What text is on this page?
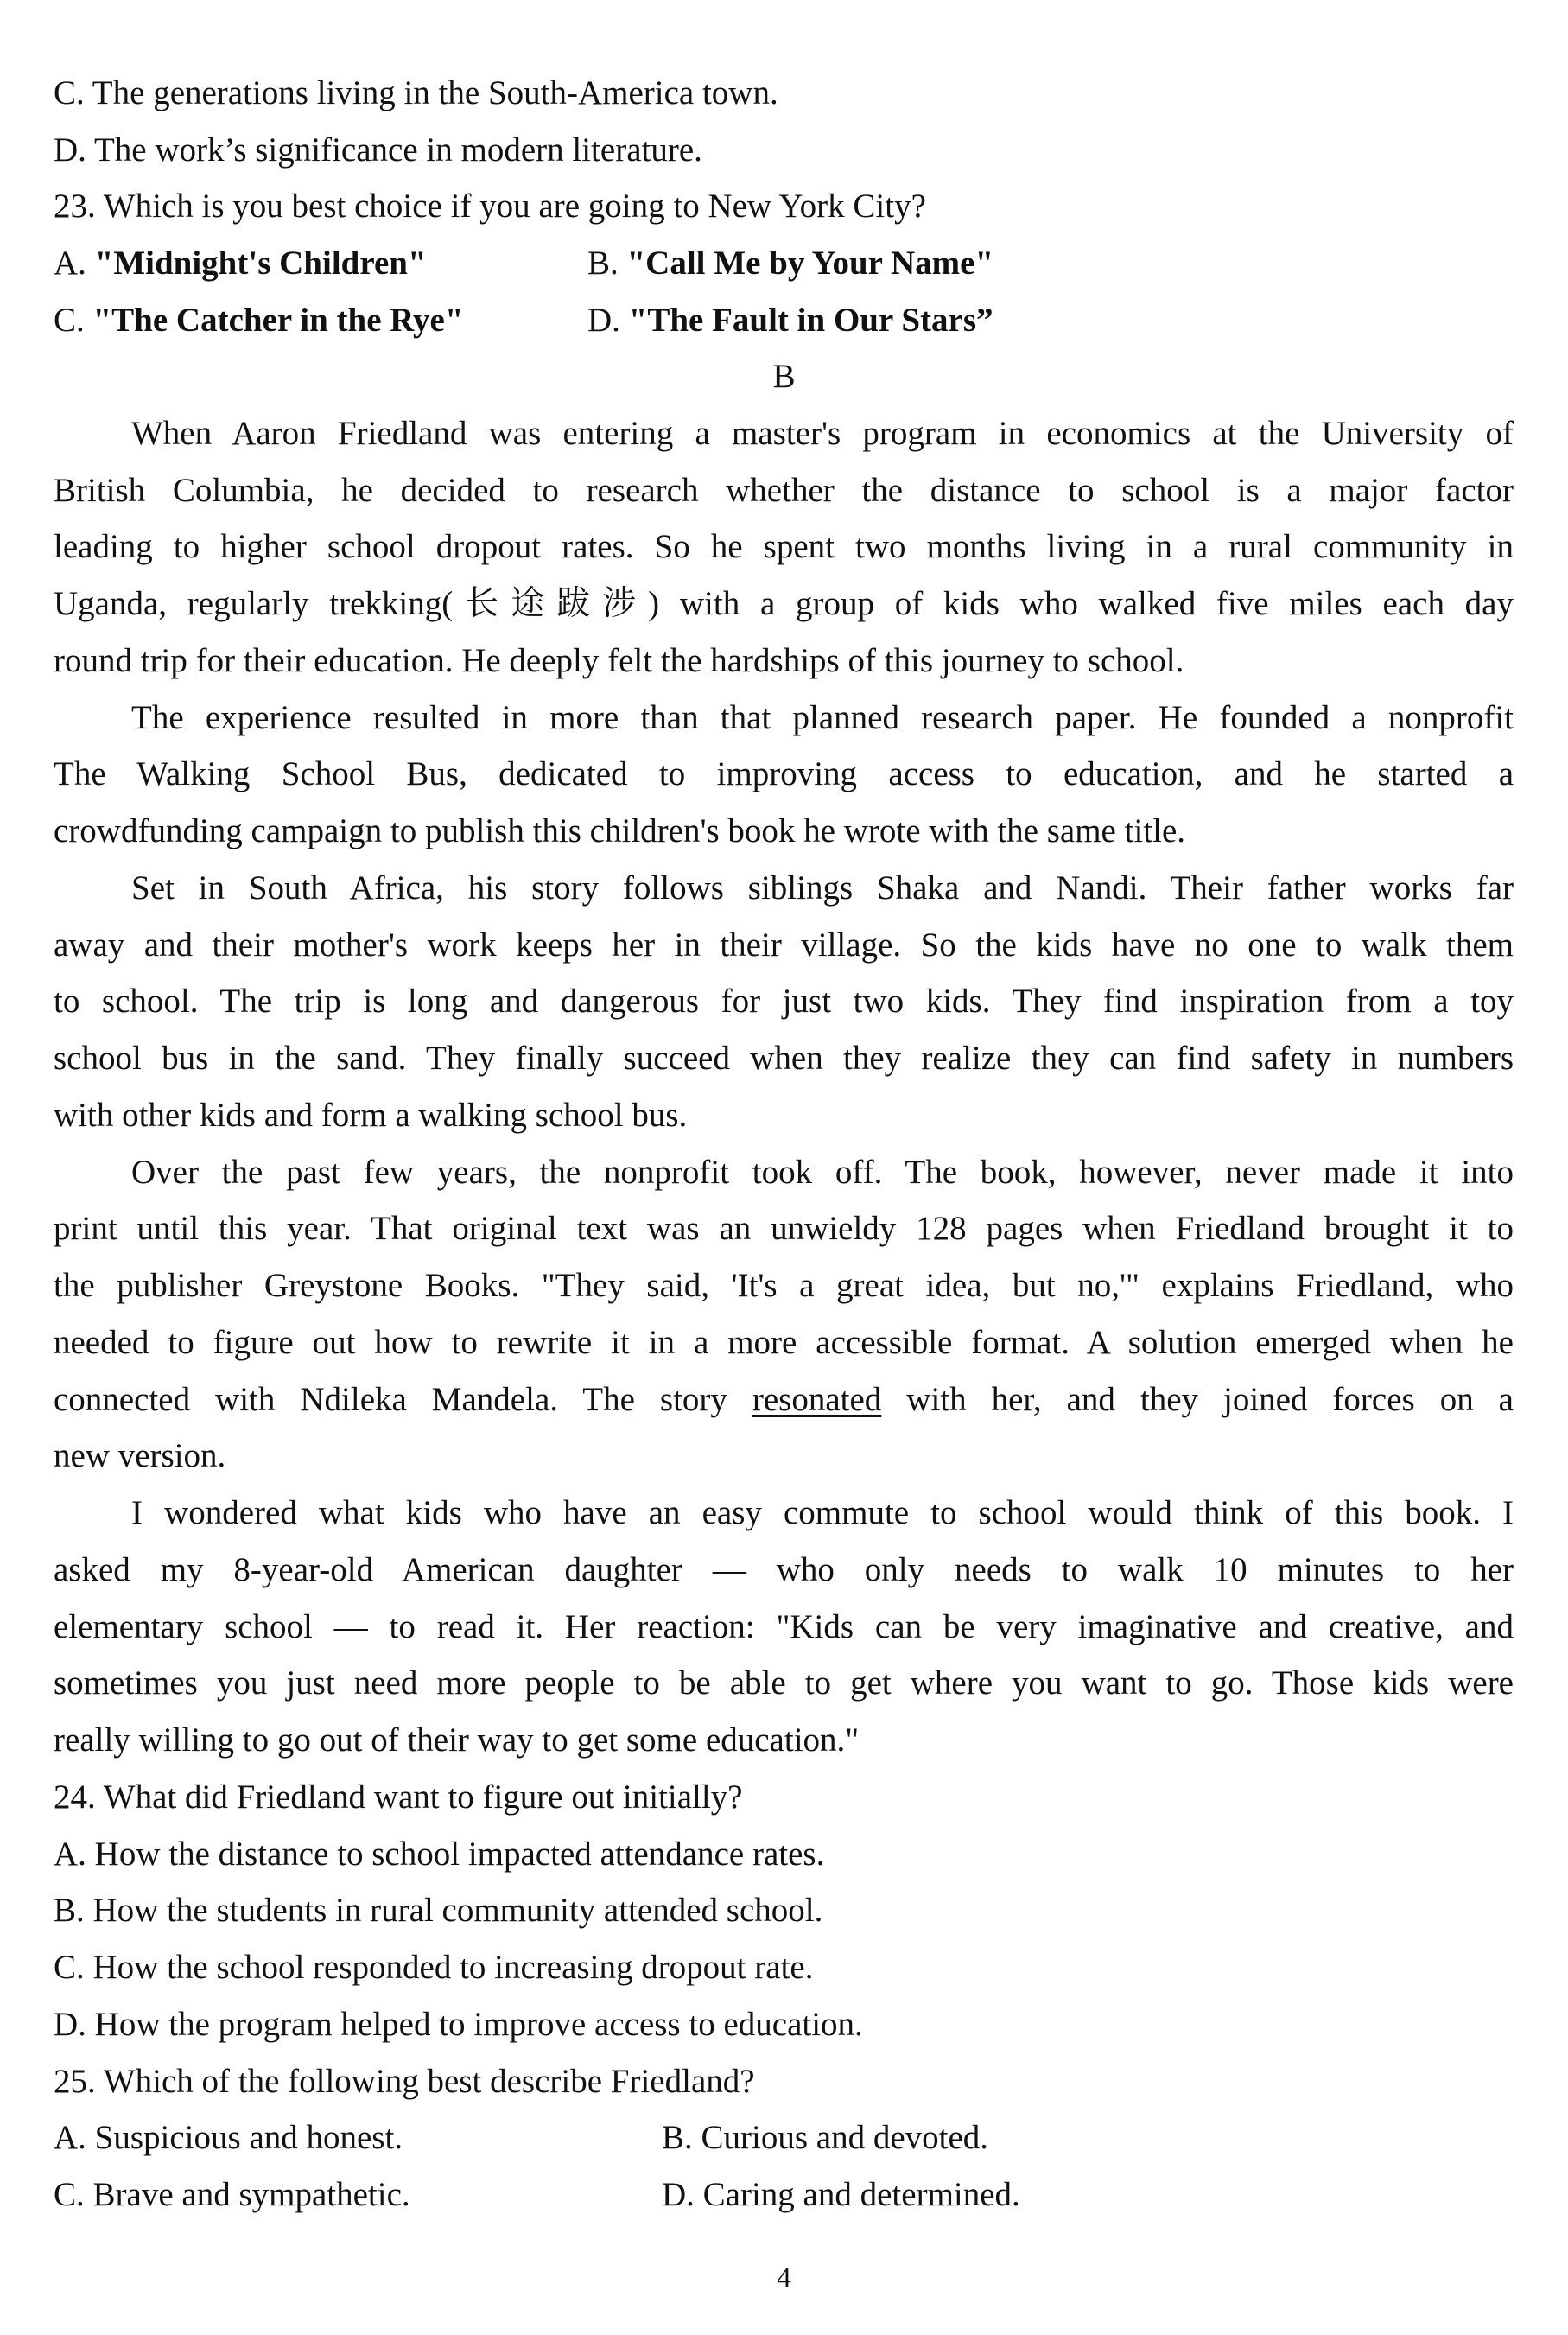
C. The generations living in the South-America town.
D. The work’s significance in modern literature.
23. Which is you best choice if you are going to New York City?
A. "Midnight's Children"	B. "Call Me by Your Name"
C. "The Catcher in the Rye"	D. "The Fault in Our Stars”
B
When Aaron Friedland was entering a master's program in economics at the University of
British Columbia, he decided to research whether the distance to school is a major factor
leading to higher school dropout rates. So he spent two months living in a rural community in
Uganda, regularly trekking(长途跋涉) with a group of kids who walked five miles each day
round trip for their education. He deeply felt the hardships of this journey to school.
The experience resulted in more than that planned research paper. He founded a nonprofit
The Walking School Bus, dedicated to improving access to education, and he started a
crowdfunding campaign to publish this children's book he wrote with the same title.
Set in South Africa, his story follows siblings Shaka and Nandi. Their father works far
away and their mother's work keeps her in their village. So the kids have no one to walk them
to school. The trip is long and dangerous for just two kids. They find inspiration from a toy
school bus in the sand. They finally succeed when they realize they can find safety in numbers
with other kids and form a walking school bus.
Over the past few years, the nonprofit took off. The book, however, never made it into
print until this year. That original text was an unwieldy 128 pages when Friedland brought it to
the publisher Greystone Books. "They said, 'It's a great idea, but no,'" explains Friedland, who
needed to figure out how to rewrite it in a more accessible format. A solution emerged when he
connected with Ndileka Mandela. The story resonated with her, and they joined forces on a
new version.
I wondered what kids who have an easy commute to school would think of this book. I
asked my 8-year-old American daughter — who only needs to walk 10 minutes to her
elementary school — to read it. Her reaction: "Kids can be very imaginative and creative, and
sometimes you just need more people to be able to get where you want to go. Those kids were
really willing to go out of their way to get some education."
24. What did Friedland want to figure out initially?
A. How the distance to school impacted attendance rates.
B. How the students in rural community attended school.
C. How the school responded to increasing dropout rate.
D. How the program helped to improve access to education.
25. Which of the following best describe Friedland?
A. Suspicious and honest.	B. Curious and devoted.
C. Brave and sympathetic.	D. Caring and determined.
4
